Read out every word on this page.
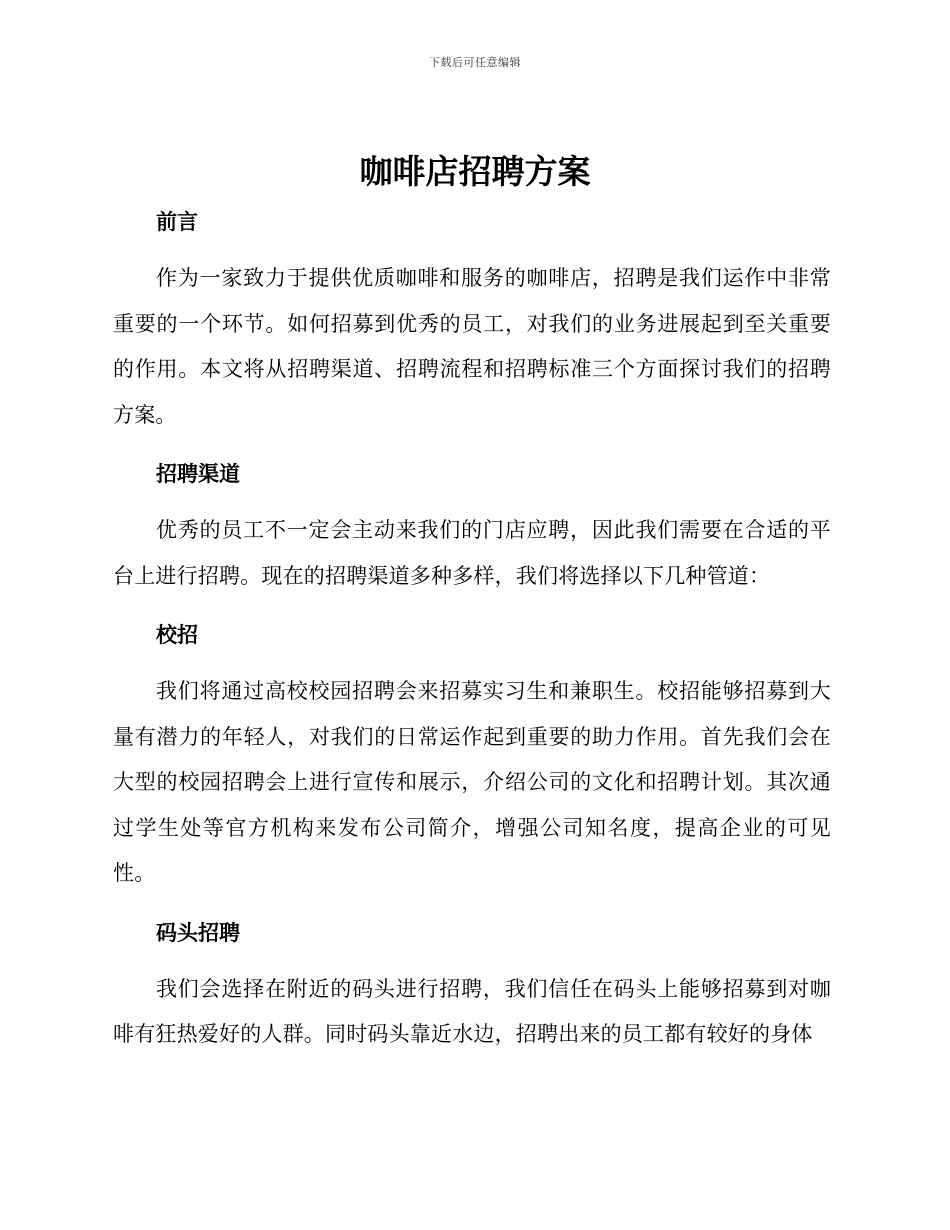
下载后可任意编辑
咖啡店招聘方案
前言

作为一家致力于提供优质咖啡和服务的咖啡店，招聘是我们运作中非常重要的一个环节。如何招募到优秀的员工，对我们的业务进展起到至关重要的作用。本文将从招聘渠道、招聘流程和招聘标准三个方面探讨我们的招聘方案。

招聘渠道

优秀的员工不一定会主动来我们的门店应聘，因此我们需要在合适的平台上进行招聘。现在的招聘渠道多种多样，我们将选择以下几种管道：

校招

我们将通过高校校园招聘会来招募实习生和兼职生。校招能够招募到大量有潜力的年轻人，对我们的日常运作起到重要的助力作用。首先我们会在大型的校园招聘会上进行宣传和展示，介绍公司的文化和招聘计划。其次通过学生处等官方机构来发布公司简介，增强公司知名度，提高企业的可见性。

码头招聘

我们会选择在附近的码头进行招聘，我们信任在码头上能够招募到对咖啡有狂热爱好的人群。同时码头靠近水边，招聘出来的员工都有较好的身体
